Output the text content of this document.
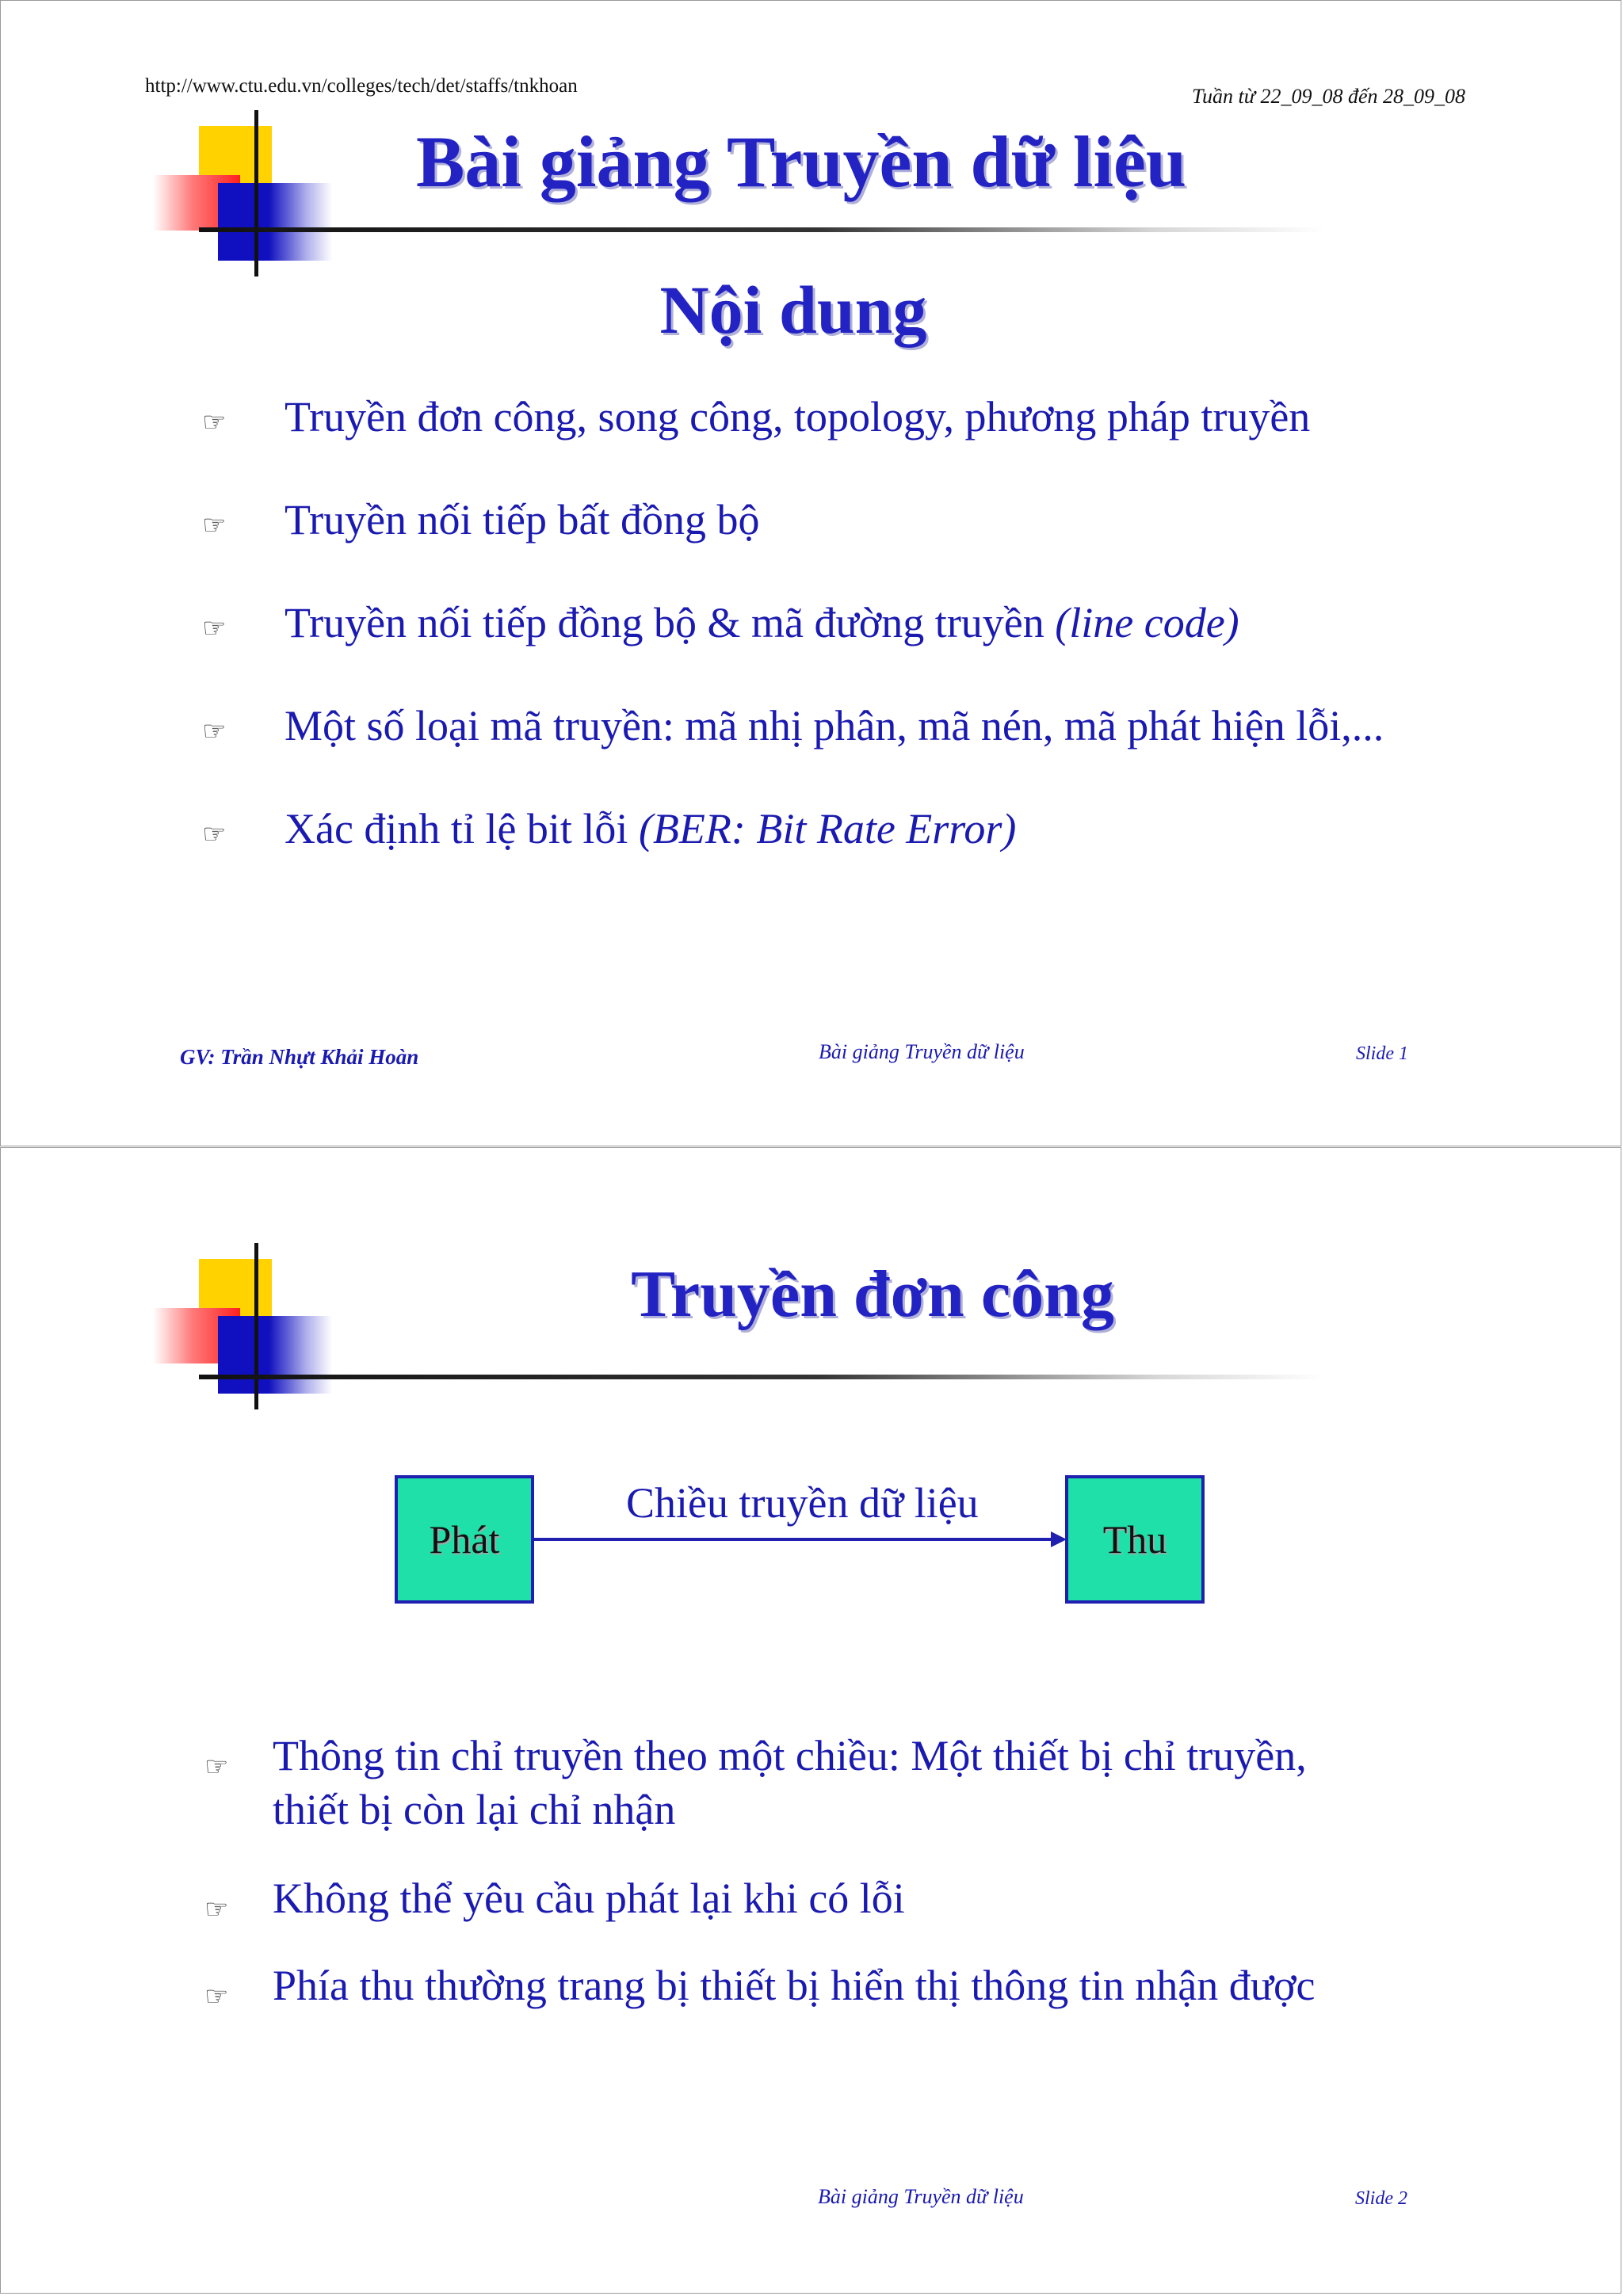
http://www.ctu.edu.vn/colleges/tech/det/staffs/tnkhoan	Tuần từ 22_09_08 đến 28_09_08
Bài giảng Truyền dữ liệu
Nội dung
☞	Truyền đơn công, song công, topology, phương pháp truyền
☞	Truyền nối tiếp bất đồng bộ
☞	Truyền nối tiếp đồng bộ & mã đường truyền (line code)
☞	Một số loại mã truyền: mã nhị phân, mã nén, mã phát hiện lỗi,...
☞	Xác định tỉ lệ bit lỗi (BER: Bit Rate Error)
GV: Trần Nhựt Khải Hoàn	Bài giảng Truyền dữ liệu	Slide 1
Truyền đơn công
Phát	Thu
Chiều truyền dữ liệu
☞	Thông tin chỉ truyền theo một chiều: Một thiết bị chỉ truyền,
thiết bị còn lại chỉ nhận
☞	Không thể yêu cầu phát lại khi có lỗi
☞	Phía thu thường trang bị thiết bị hiển thị thông tin nhận được
Bài giảng Truyền dữ liệu	Slide 2
